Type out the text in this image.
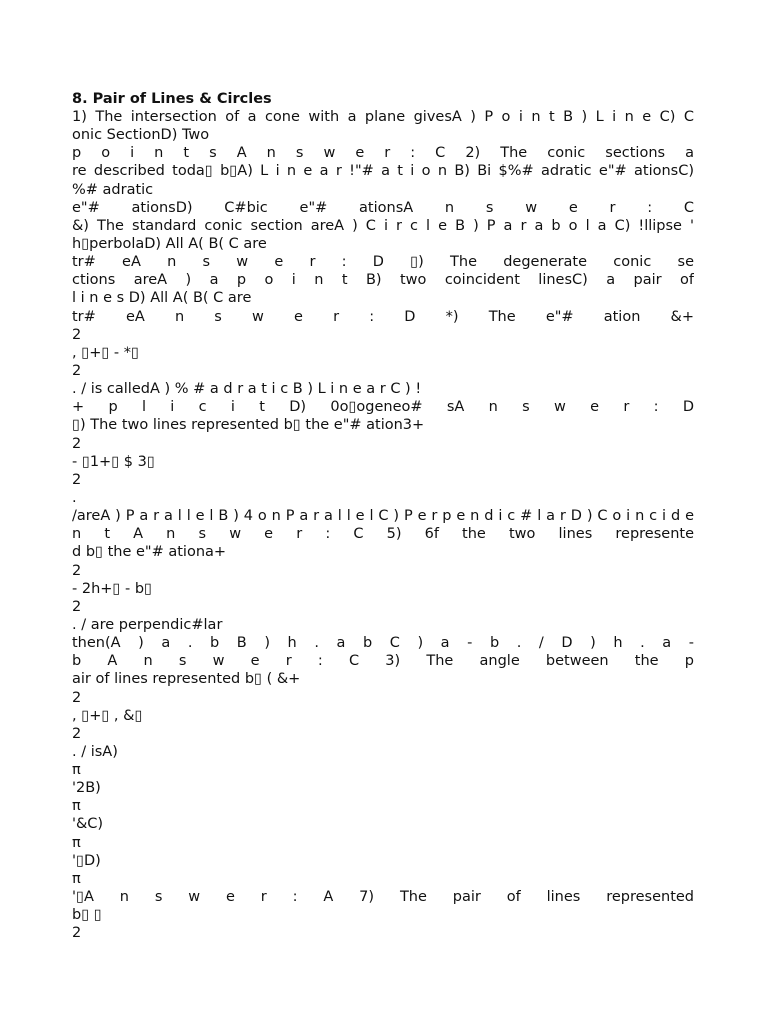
8. Pair of Lines & Circles
1) The intersection of a cone with a plane givesA ) P o i n t B ) L i n e C) C
onic SectionD) Two
p o i n t s A n s w e r : C 2) The conic sections a
re described toda▯ b▯A) L i n e a r !"# a t i o n B) Bi $%# adratic e"# ationsC)
%# adratic
e"# ationsD) C#bic e"# ationsA n s w e r : C
&) The standard conic section areA ) C i r c l e B ) P a r a b o l a C) !llipse '
h▯perbolaD) All A( B( C are
tr# eA n s w e r : D ▯) The degenerate conic se
ctions areA ) a p o i n t B) two coincident linesC) a pair of
l i n e s D) All A( B( C are
tr# eA n s w e r : D *) The e"# ation &+
2
, ▯+▯ - *▯
2
. / is calledA ) % # a d r a t i c B ) L i n e a r C ) !
+ p l i c i t D) 0o▯ogeneo# sA n s w e r : D
▯) The two lines represented b▯ the e"# ation3+
2
- ▯1+▯ $ 3▯
2
.
/areA ) P a r a l l e l B ) 4 o n P a r a l l e l C ) P e r p e n d i c # l a r D ) C o i n c i d e
n t A n s w e r : C 5) 6f the two lines represente
d b▯ the e"# ationa+
2
- 2h+▯ - b▯
2
. / are perpendic#lar
then(A ) a . b B ) h . a b C ) a - b . / D ) h . a -
b A n s w e r : C 3) The angle between the p
air of lines represented b▯ ( &+
2
, ▯+▯ , &▯
2
. / isA)
π
'2B)
π
'&C)
π
'▯D)
π
'▯A n s w e r : A 7) The pair of lines represented
b▯ ▯
2
